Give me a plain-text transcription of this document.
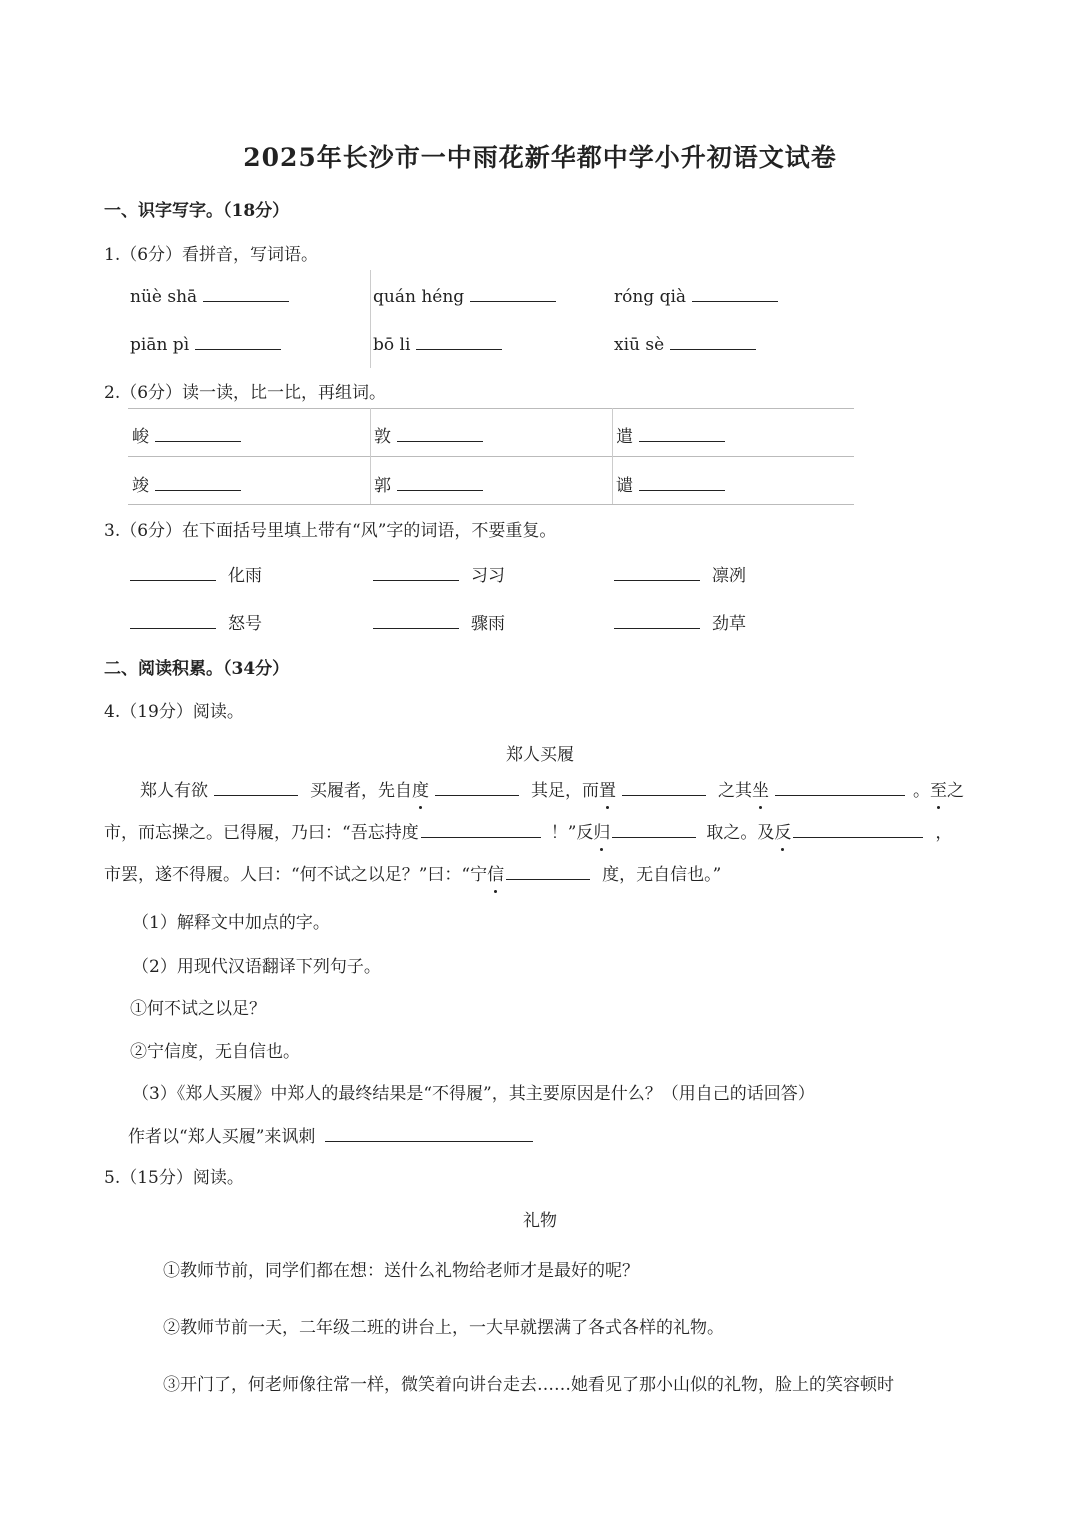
2025年长沙市一中雨花新华都中学小升初语文试卷
一、识字写字。（18分）
1.（6分）看拼音，写词语。
nüè shā	quán héng	róng qià
piān pì	bō li	xiū sè
2.（6分）读一读，比一比，再组词。
峻	敦	遣
竣	郭	谴
3.（6分）在下面括号里填上带有“风”字的词语，不要重复。
化雨	习习	凛冽
怒号	骤雨	劲草
二、阅读积累。（34分）
4.（19分）阅读。
郑人买履
郑人有欲	买履者，先自度	其足，而置	之其坐	。至之
市，而忘操之。已得履，乃曰：“吾忘持度	！”反归	取之。及反	，
市罢，遂不得履。人曰：“何不试之以足？”曰：“宁信	度，无自信也。”
（1）解释文中加点的字。
（2）用现代汉语翻译下列句子。
①何不试之以足？
②宁信度，无自信也。
（3）《郑人买履》中郑人的最终结果是“不得履”，其主要原因是什么？（用自己的话回答）
作者以“郑人买履”来讽刺
5.（15分）阅读。
礼物
①教师节前，同学们都在想：送什么礼物给老师才是最好的呢？
②教师节前一天，二年级二班的讲台上，一大早就摆满了各式各样的礼物。
③开门了，何老师像往常一样，微笑着向讲台走去……她看见了那小山似的礼物，脸上的笑容顿时
